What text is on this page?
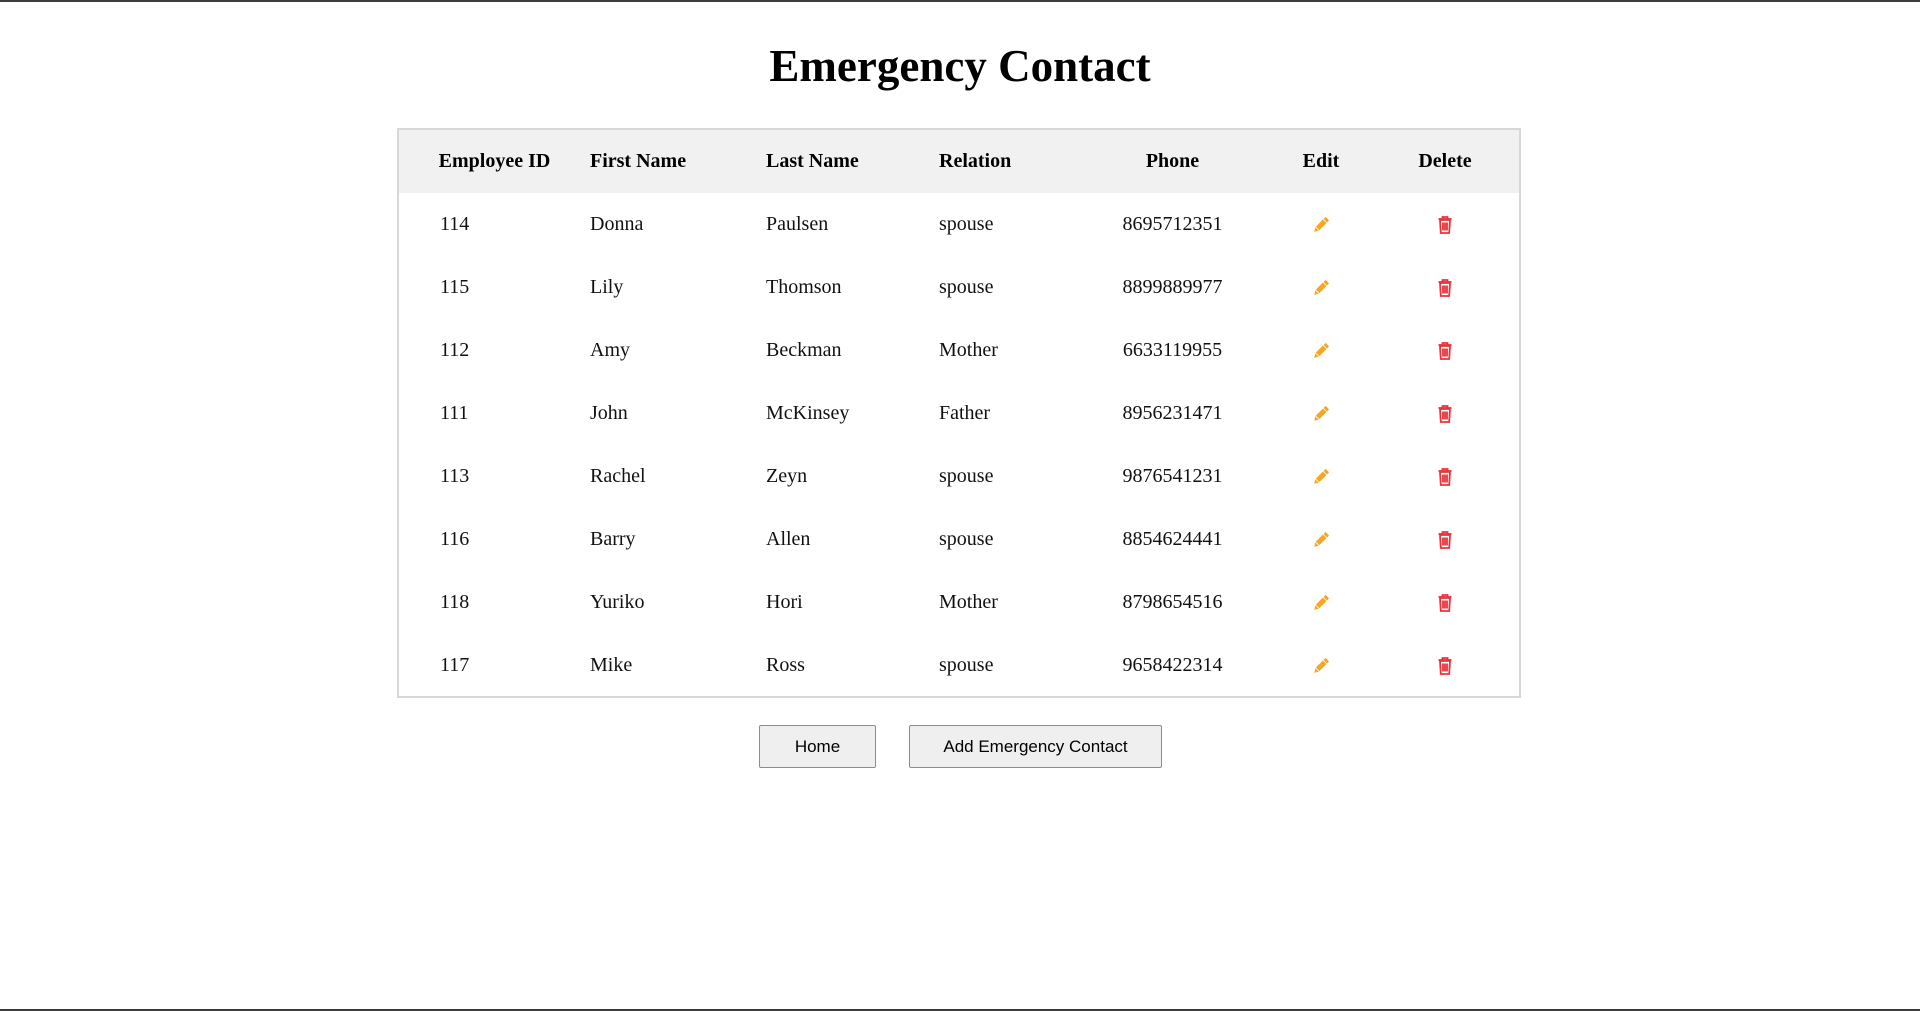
Emergency Contact
Employee ID	First Name	Last Name	Relation	Phone	Edit	Delete
114	Donna	Paulsen	spouse	8695712351	

115	Lily	Thomson	spouse	8899889977	

112	Amy	Beckman	Mother	6633119955	

111	John	McKinsey	Father	8956231471	

113	Rachel	Zeyn	spouse	9876541231	

116	Barry	Allen	spouse	8854624441	

118	Yuriko	Hori	Mother	8798654516	

117	Mike	Ross	spouse	9658422314	

Home	Add Emergency Contact
